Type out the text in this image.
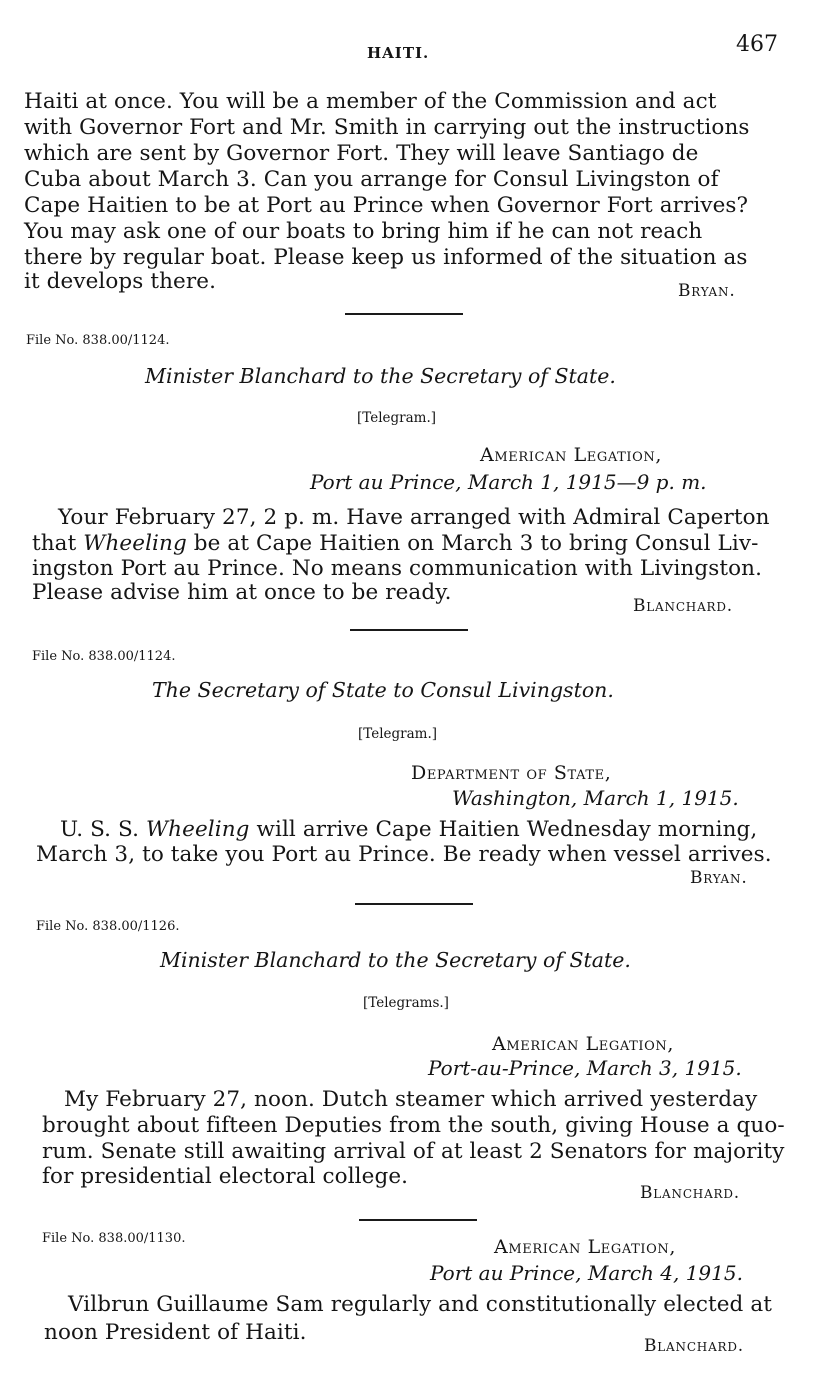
HAITI.	467
Haiti at once. You will be a member of the Commission and act
with Governor Fort and Mr. Smith in carrying out the instructions
which are sent by Governor Fort. They will leave Santiago de
Cuba about March 3. Can you arrange for Consul Livingston of
Cape Haitien to be at Port au Prince when Governor Fort arrives?
You may ask one of our boats to bring him if he can not reach
there by regular boat. Please keep us informed of the situation as
it develops there.	Bryan.
File No. 838.00/1124.
Minister Blanchard to the Secretary of State.
[Telegram.]
American Legation,
Port au Prince, March 1, 1915—9 p. m.
Your February 27, 2 p. m. Have arranged with Admiral Caperton
that Wheeling be at Cape Haitien on March 3 to bring Consul Liv-
ingston Port au Prince. No means communication with Livingston.
Please advise him at once to be ready.
Blanchard.
File No. 838.00/1124.
The Secretary of State to Consul Livingston.
[Telegram.]
Department of State,
Washington, March 1, 1915.
U. S. S. Wheeling will arrive Cape Haitien Wednesday morning,
March 3, to take you Port au Prince. Be ready when vessel arrives.
Bryan.
File No. 838.00/1126.
Minister Blanchard to the Secretary of State.
[Telegrams.]
American Legation,
Port-au-Prince, March 3, 1915.
My February 27, noon. Dutch steamer which arrived yesterday
brought about fifteen Deputies from the south, giving House a quo-
rum. Senate still awaiting arrival of at least 2 Senators for majority
for presidential electoral college.
Blanchard.
File No. 838.00/1130.	American Legation,
Port au Prince, March 4, 1915.
Vilbrun Guillaume Sam regularly and constitutionally elected at
noon President of Haiti.
Blanchard.
